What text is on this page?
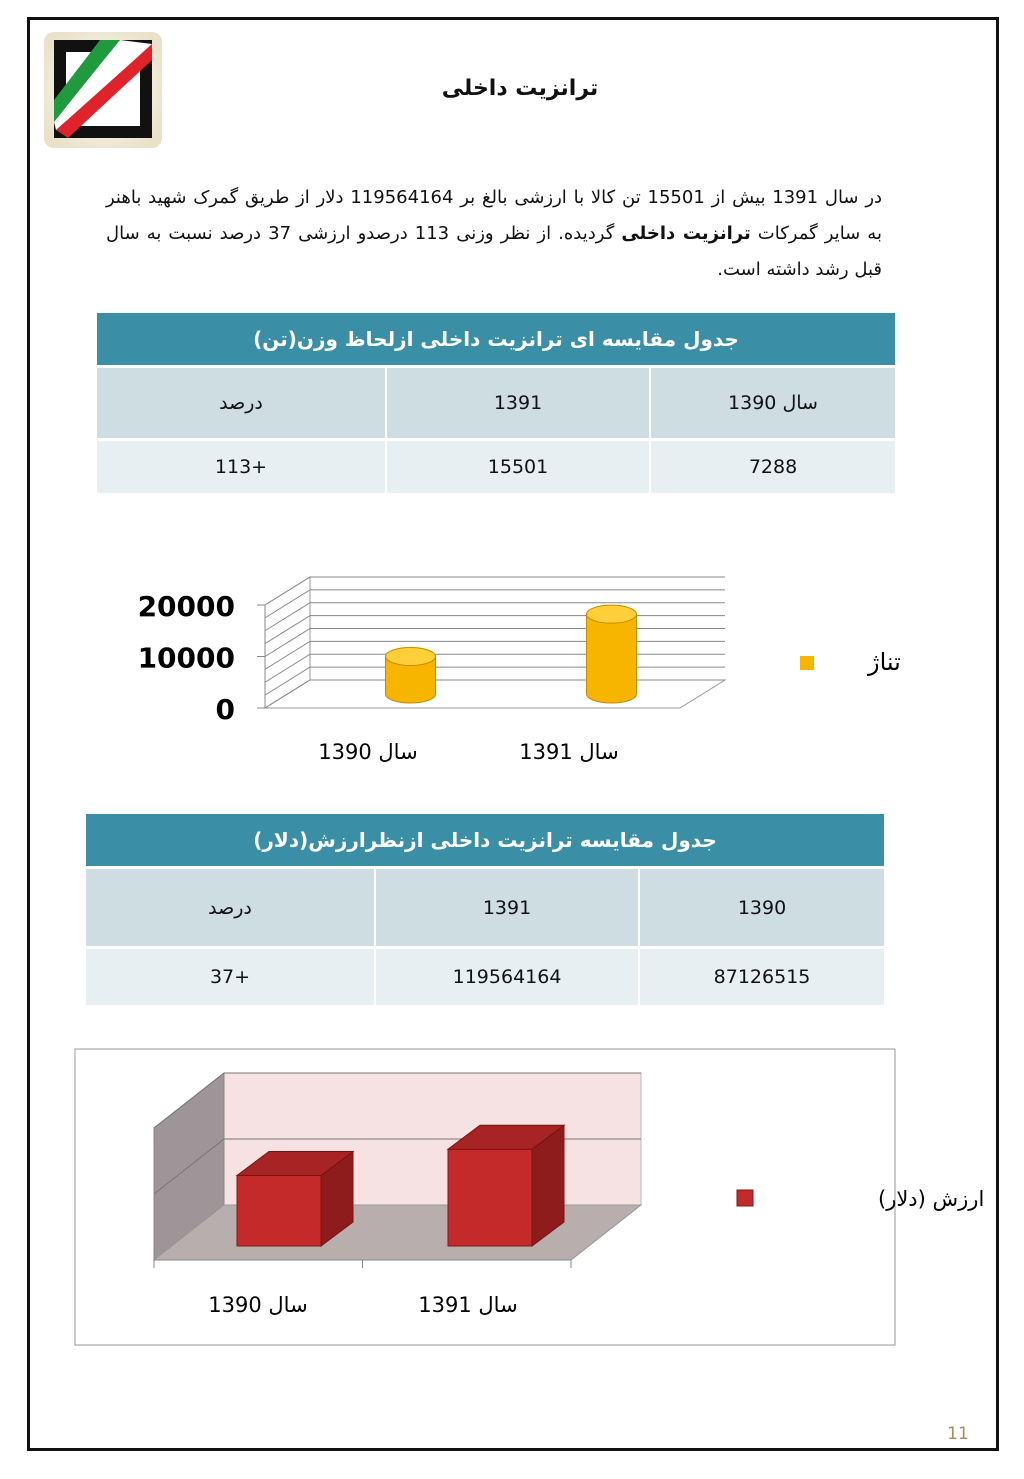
ترانزیت داخلی
در سال 1391 بیش از 15501 تن کالا با ارزشی بالغ بر 119564164 دلار از طریق گمرک شهید باهنر به سایر گمرکات ترانزیت داخلی گردیده. از نظر وزنی 113 درصدو ارزشی 37 درصد نسبت به سال قبل رشد داشته است.
جدول مقایسه ای ترانزیت داخلی ازلحاظ وزن(تن)		
سال 1390	1391	درصد
7288	15501	+113
0
10000
20000
سال 1390	سال 1391
تناژ
جدول مقایسه ترانزیت داخلی ازنظرارزش(دلار)		
1390	1391	درصد
87126515	119564164	+37
سال 1390	سال 1391
ارزش (دلار)
11
